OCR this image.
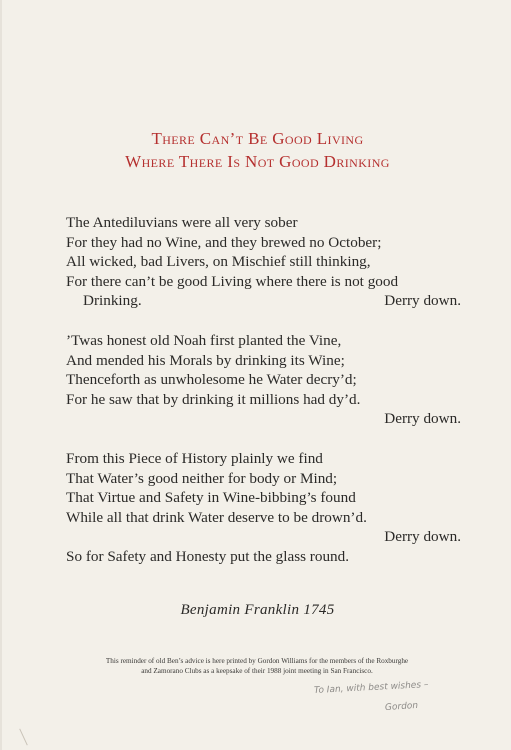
There Can’t Be Good Living
Where There Is Not Good Drinking
The Antediluvians were all very sober
For they had no Wine, and they brewed no October;
All wicked, bad Livers, on Mischief still thinking,
For there can’t be good Living where there is not good
Drinking.	Derry down.
’Twas honest old Noah first planted the Vine,
And mended his Morals by drinking its Wine;
Thenceforth as unwholesome he Water decry’d;
For he saw that by drinking it millions had dy’d.
Derry down.
From this Piece of History plainly we find
That Water’s good neither for body or Mind;
That Virtue and Safety in Wine-bibbing’s found
While all that drink Water deserve to be drown’d.
Derry down.
So for Safety and Honesty put the glass round.
Benjamin Franklin 1745
This reminder of old Ben’s advice is here printed by Gordon Williams for the members of the Roxburghe
and Zamorano Clubs as a keepsake of their 1988 joint meeting in San Francisco.
To Ian, with best wishes –
Gordon
